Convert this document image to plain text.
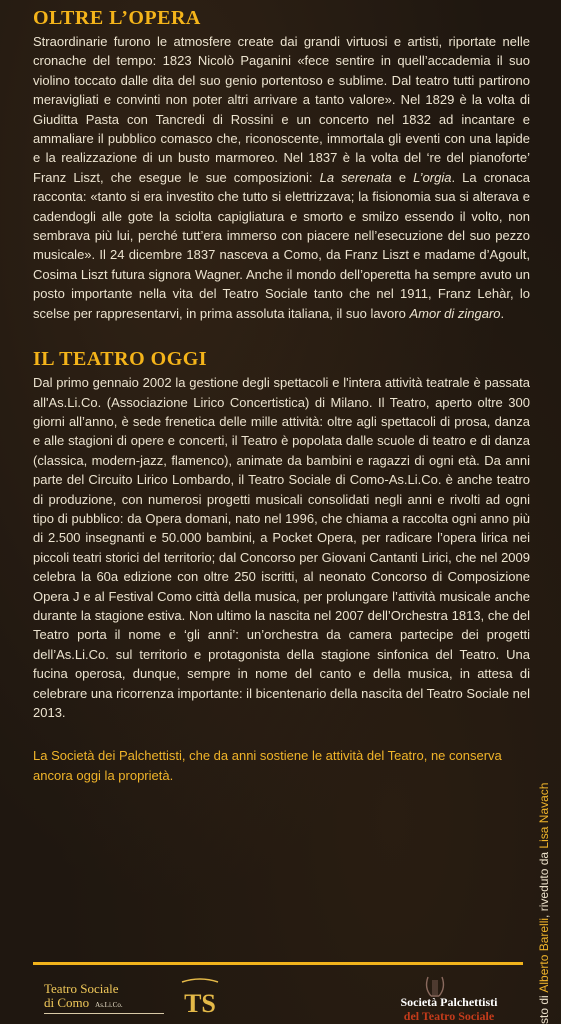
OLTRE L’OPERA

Straordinarie furono le atmosfere create dai grandi virtuosi e artisti, riportate nelle cronache del tempo: 1823 Nicolò Paganini «fece sentire in quell’accademia il suo violino toccato dalle dita del suo genio portentoso e sublime. Dal teatro tutti partirono meravigliati e convinti non poter altri arrivare a tanto valore». Nel 1829 è la volta di Giuditta Pasta con Tancredi di Rossini e un concerto nel 1832 ad incantare e ammaliare il pubblico comasco che, riconoscente, immortala gli eventi con una lapide e la realizzazione di un busto marmoreo. Nel 1837 è la volta del ‘re del pianoforte’ Franz Liszt, che esegue le sue composizioni: La serenata e L’orgia. La cronaca racconta: «tanto si era investito che tutto si elettrizzava; la fisionomia sua si alterava e cadendogli alle gote la sciolta capigliatura e smorto e smilzo essendo il volto, non sembrava più lui, perché tutt’era immerso con piacere nell’esecuzione del suo pezzo musicale». Il 24 dicembre 1837 nasceva a Como, da Franz Liszt e madame d’Agoult, Cosima Liszt futura signora Wagner. Anche il mondo dell’operetta ha sempre avuto un posto importante nella vita del Teatro Sociale tanto che nel 1911, Franz Lehàr, lo scelse per rappresentarvi, in prima assoluta italiana, il suo lavoro Amor di zingaro.

IL TEATRO OGGI

Dal primo gennaio 2002 la gestione degli spettacoli e l'intera attività teatrale è passata all'As.Li.Co. (Associazione Lirico Concertistica) di Milano. Il Teatro, aperto oltre 300 giorni all’anno, è sede frenetica delle mille attività: oltre agli spettacoli di prosa, danza e alle stagioni di opere e concerti, il Teatro è popolata dalle scuole di teatro e di danza (classica, modern-jazz, flamenco), animate da bambini e ragazzi di ogni età. Da anni parte del Circuito Lirico Lombardo, il Teatro Sociale di Como-As.Li.Co. è anche teatro di produzione, con numerosi progetti musicali consolidati negli anni e rivolti ad ogni tipo di pubblico: da Opera domani, nato nel 1996, che chiama a raccolta ogni anno più di 2.500 insegnanti e 50.000 bambini, a Pocket Opera, per radicare l’opera lirica nei piccoli teatri storici del territorio; dal Concorso per Giovani Cantanti Lirici, che nel 2009 celebra la 60a edizione con oltre 250 iscritti, al neonato Concorso di Composizione Opera J e al Festival Como città della musica, per prolungare l’attività musicale anche durante la stagione estiva. Non ultimo la nascita nel 2007 dell’Orchestra 1813, che del Teatro porta il nome e ‘gli anni’: un’orchestra da camera partecipe dei progetti dell’As.Li.Co. sul territorio e protagonista della stagione sinfonica del Teatro. Una fucina operosa, dunque, sempre in nome del canto e della musica, in attesa di celebrare una ricorrenza importante: il bicentenario della nascita del Teatro Sociale nel 2013.

La Società dei Palchettisti, che da anni sostiene le attività del Teatro, ne conserva ancora oggi la proprietà.

sto di Alberto Barelli, riveduto da Lisa Navach

Teatro Sociale

di Como As.Li.Co.	TS	Società Palchettisti
del Teatro Sociale
